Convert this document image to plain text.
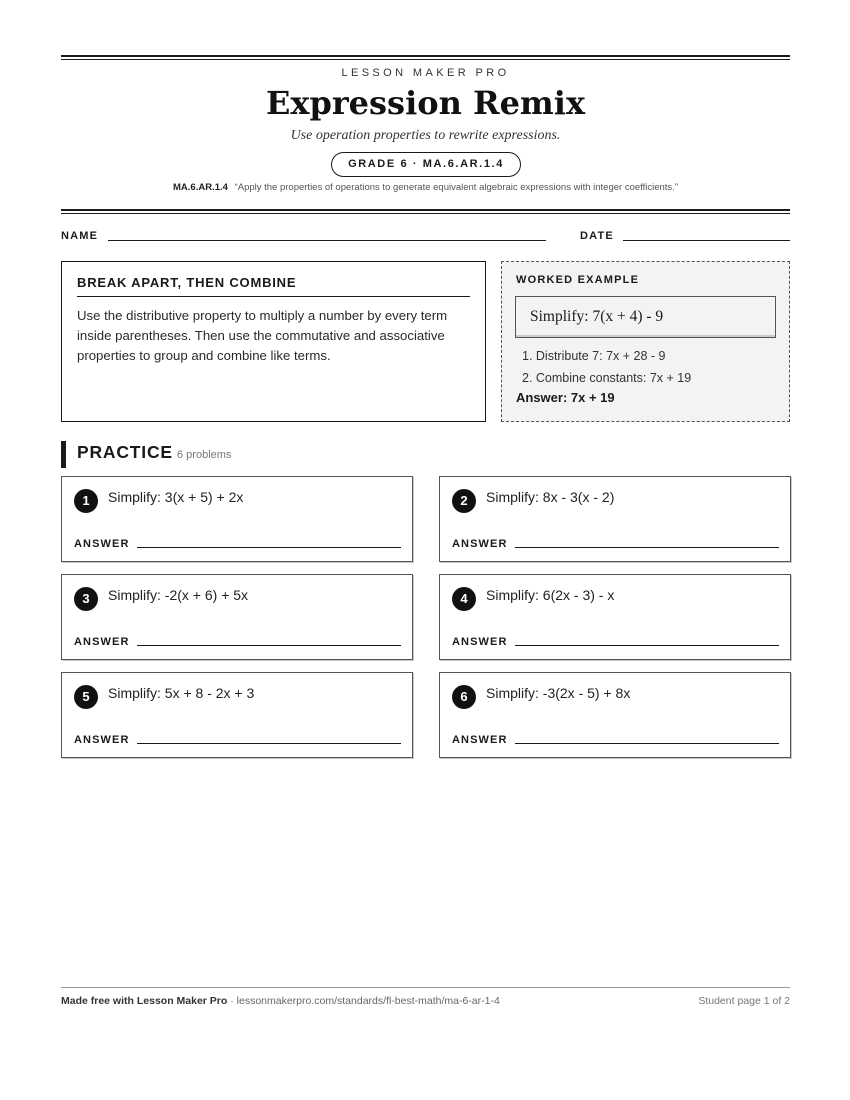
LESSON MAKER PRO
Expression Remix
Use operation properties to rewrite expressions.
GRADE 6 · MA.6.AR.1.4
MA.6.AR.1.4 “Apply the properties of operations to generate equivalent algebraic expressions with integer coefficients.”
NAME	DATE
BREAK APART, THEN COMBINE
Use the distributive property to multiply a number by every term inside parentheses. Then use the commutative and associative properties to group and combine like terms.
WORKED EXAMPLE
Simplify: 7(x + 4) - 9
1. Distribute 7: 7x + 28 - 9
2. Combine constants: 7x + 19
Answer: 7x + 19
PRACTICE 6 problems
1	Simplify: 3(x + 5) + 2x
ANSWER
2	Simplify: 8x - 3(x - 2)
ANSWER
3	Simplify: -2(x + 6) + 5x
ANSWER
4	Simplify: 6(2x - 3) - x
ANSWER
5	Simplify: 5x + 8 - 2x + 3
ANSWER
6	Simplify: -3(2x - 5) + 8x
ANSWER
Made free with Lesson Maker Pro · lessonmakerpro.com/standards/fl-best-math/ma-6-ar-1-4	Student page 1 of 2
